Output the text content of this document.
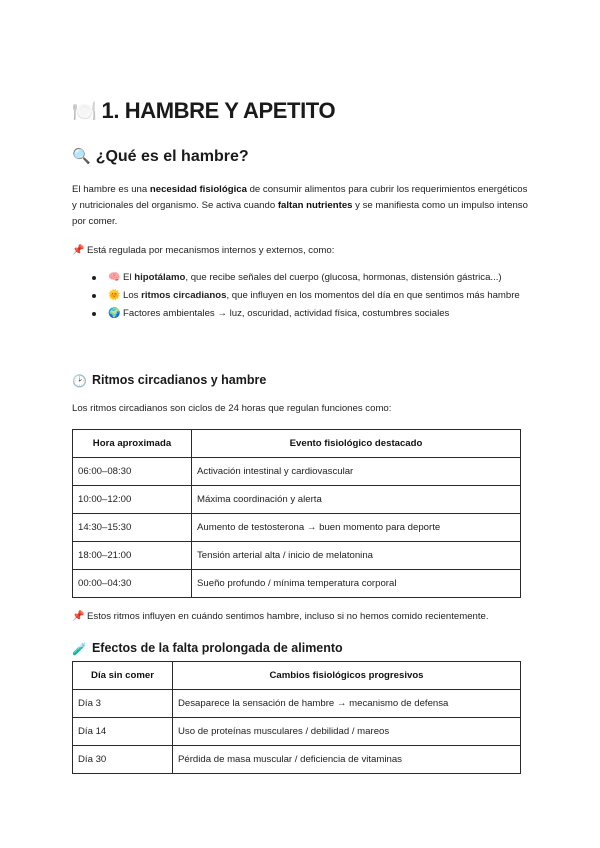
🍽️ 1. HAMBRE Y APETITO
🔍 ¿Qué es el hambre?

El hambre es una necesidad fisiológica de consumir alimentos para cubrir los requerimientos energéticos y nutricionales del organismo. Se activa cuando faltan nutrientes y se manifiesta como un impulso intenso por comer.

📌 Está regulada por mecanismos internos y externos, como:

🧠 El hipotálamo, que recibe señales del cuerpo (glucosa, hormonas, distensión gástrica...)
🌞 Los ritmos circadianos, que influyen en los momentos del día en que sentimos más hambre
🌍 Factores ambientales → luz, oscuridad, actividad física, costumbres sociales
🕑 Ritmos circadianos y hambre

Los ritmos circadianos son ciclos de 24 horas que regulan funciones como:

Hora aproximada	Evento fisiológico destacado
06:00–08:30	Activación intestinal y cardiovascular
10:00–12:00	Máxima coordinación y alerta
14:30–15:30	Aumento de testosterona → buen momento para deporte
18:00–21:00	Tensión arterial alta / inicio de melatonina
00:00–04:30	Sueño profundo / mínima temperatura corporal

📌 Estos ritmos influyen en cuándo sentimos hambre, incluso si no hemos comido recientemente.

🧪 Efectos de la falta prolongada de alimento
Día sin comer	Cambios fisiológicos progresivos
Día 3	Desaparece la sensación de hambre → mecanismo de defensa
Día 14	Uso de proteínas musculares / debilidad / mareos
Día 30	Pérdida de masa muscular / deficiencia de vitaminas
